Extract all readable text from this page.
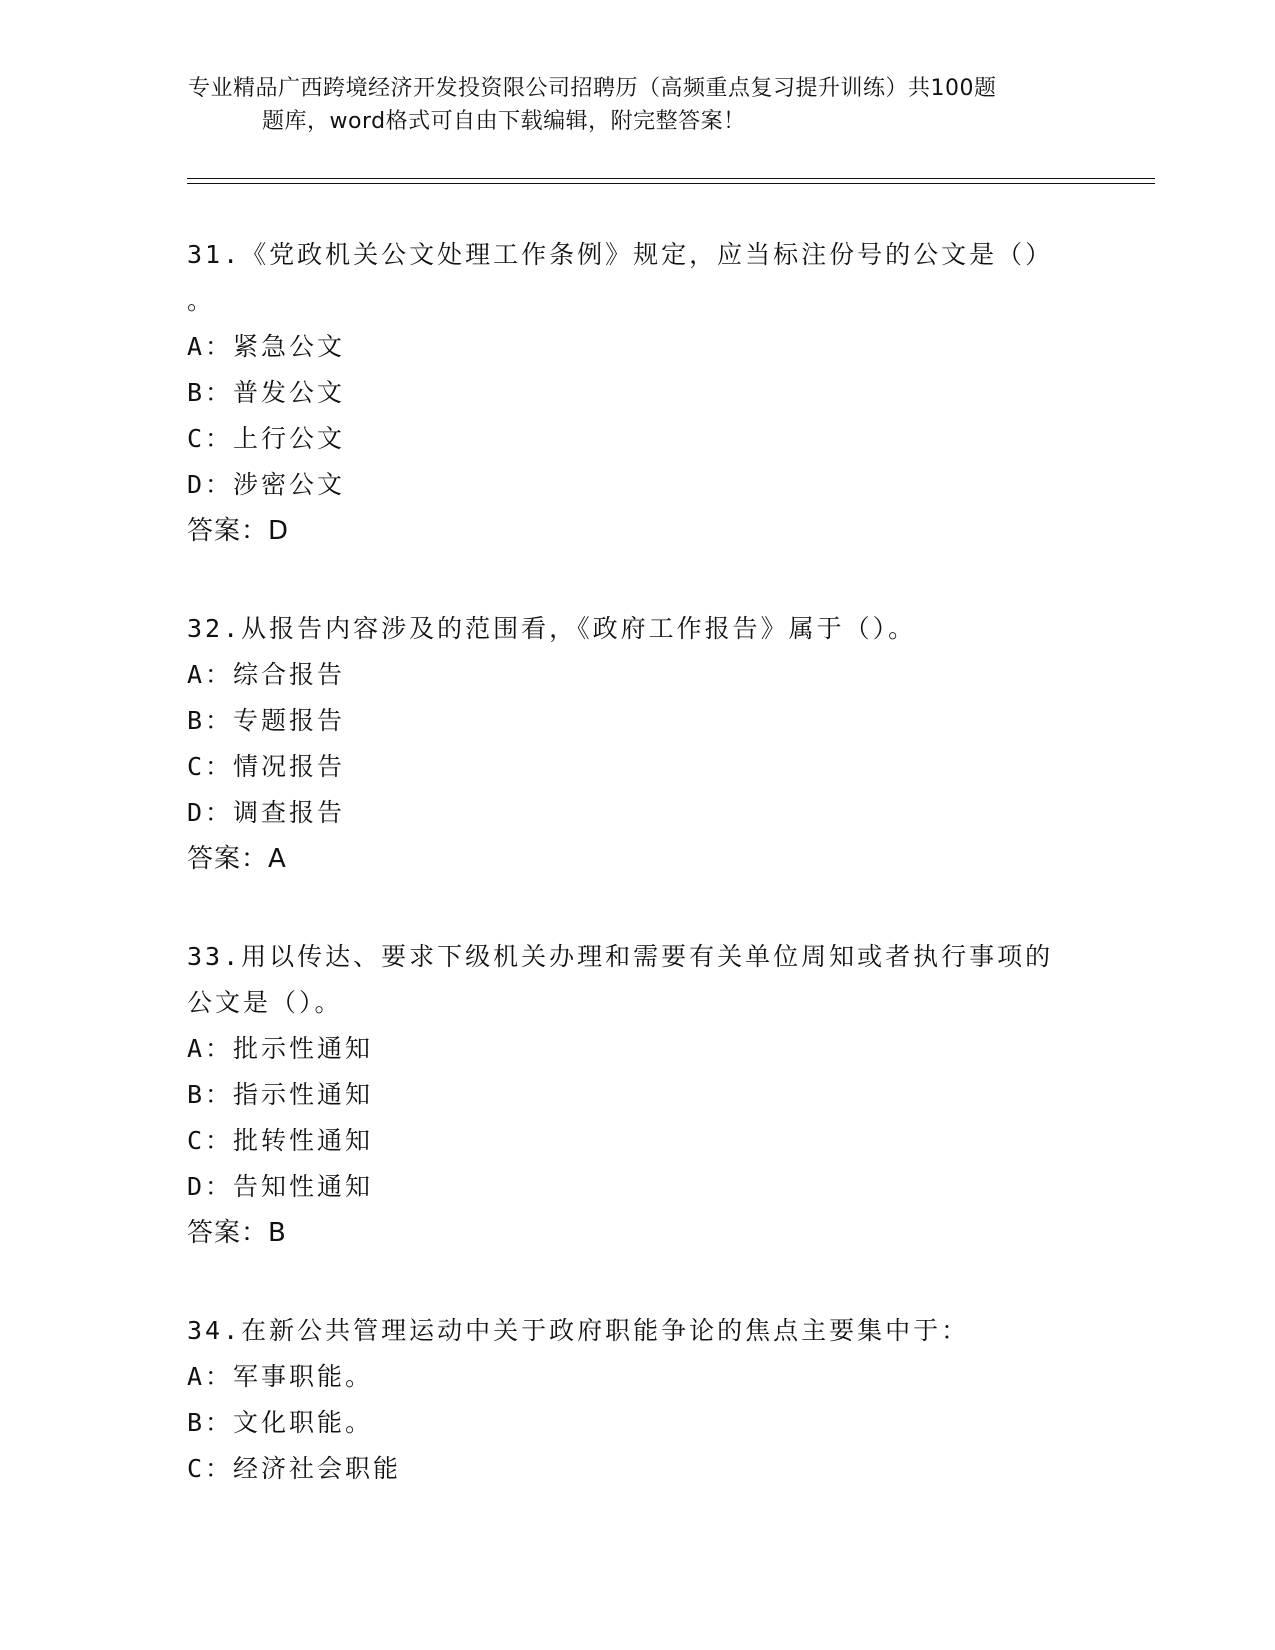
专业精品广西跨境经济开发投资限公司招聘历（高频重点复习提升训练）共100题
题库，word格式可自由下载编辑，附完整答案！
31.《党政机关公文处理工作条例》规定，应当标注份号的公文是（）
。
A：紧急公文
B：普发公文
C：上行公文
D：涉密公文
答案：D
32.从报告内容涉及的范围看，《政府工作报告》属于（）。
A：综合报告
B：专题报告
C：情况报告
D：调查报告
答案：A
33.用以传达、要求下级机关办理和需要有关单位周知或者执行事项的
公文是（）。
A：批示性通知
B：指示性通知
C：批转性通知
D：告知性通知
答案：B
34.在新公共管理运动中关于政府职能争论的焦点主要集中于：
A：军事职能。
B：文化职能。
C：经济社会职能
